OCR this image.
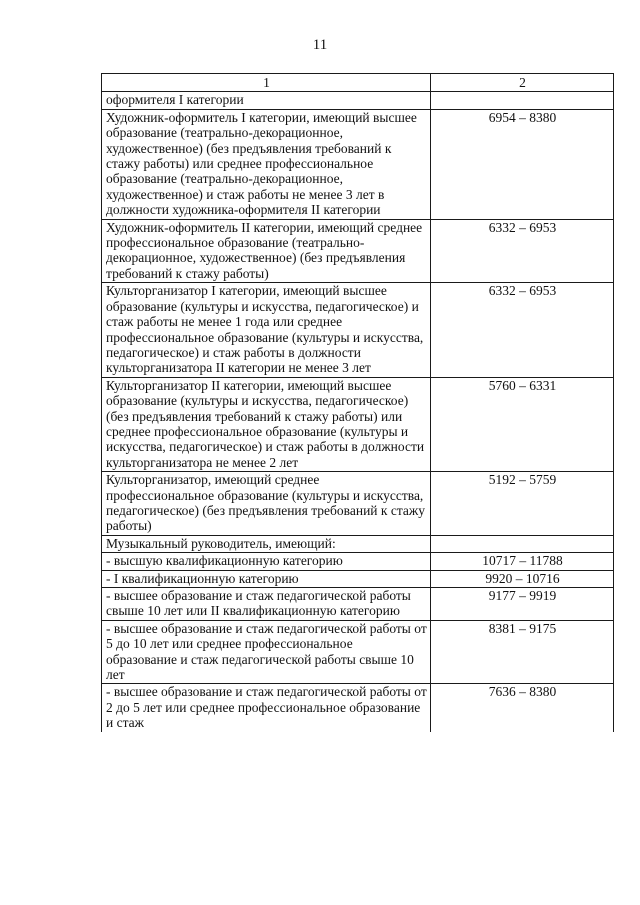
11
1	2
оформителя I категории	
Художник-оформитель I категории, имеющий высшее образование (театрально-декорационное, художественное) (без предъявления требований к стажу работы) или среднее профессиональное образование (театрально-декорационное, художественное) и стаж работы не менее 3 лет в должности художника-оформителя II категории	6954 – 8380
Художник-оформитель II категории, имеющий среднее профессиональное образование (театрально-декорационное, художественное) (без предъявления требований к стажу работы)	6332 – 6953
Культорганизатор I категории, имеющий высшее образование (культуры и искусства, педагогическое) и стаж работы не менее 1 года или среднее профессиональное образование (культуры и искусства, педагогическое) и стаж работы в должности культорганизатора II категории не менее 3 лет	6332 – 6953
Культорганизатор II категории, имеющий высшее образование (культуры и искусства, педагогическое) (без предъявления требований к стажу работы) или среднее профессиональное образование (культуры и искусства, педагогическое) и стаж работы в должности культорганизатора не менее 2 лет	5760 – 6331
Культорганизатор, имеющий среднее профессиональное образование (культуры и искусства, педагогическое) (без предъявления требований к стажу работы)	5192 – 5759
Музыкальный руководитель, имеющий:	
- высшую квалификационную категорию	10717 – 11788
- I квалификационную категорию	9920 – 10716
- высшее образование и стаж педагогической работы свыше 10 лет или II квалификационную категорию	9177 – 9919
- высшее образование и стаж педагогической работы от 5 до 10 лет или среднее профессиональное образование и стаж педагогической работы свыше 10 лет	8381 – 9175
- высшее образование и стаж педагогической работы от 2 до 5 лет или среднее профессиональное образование и стаж	7636 – 8380
